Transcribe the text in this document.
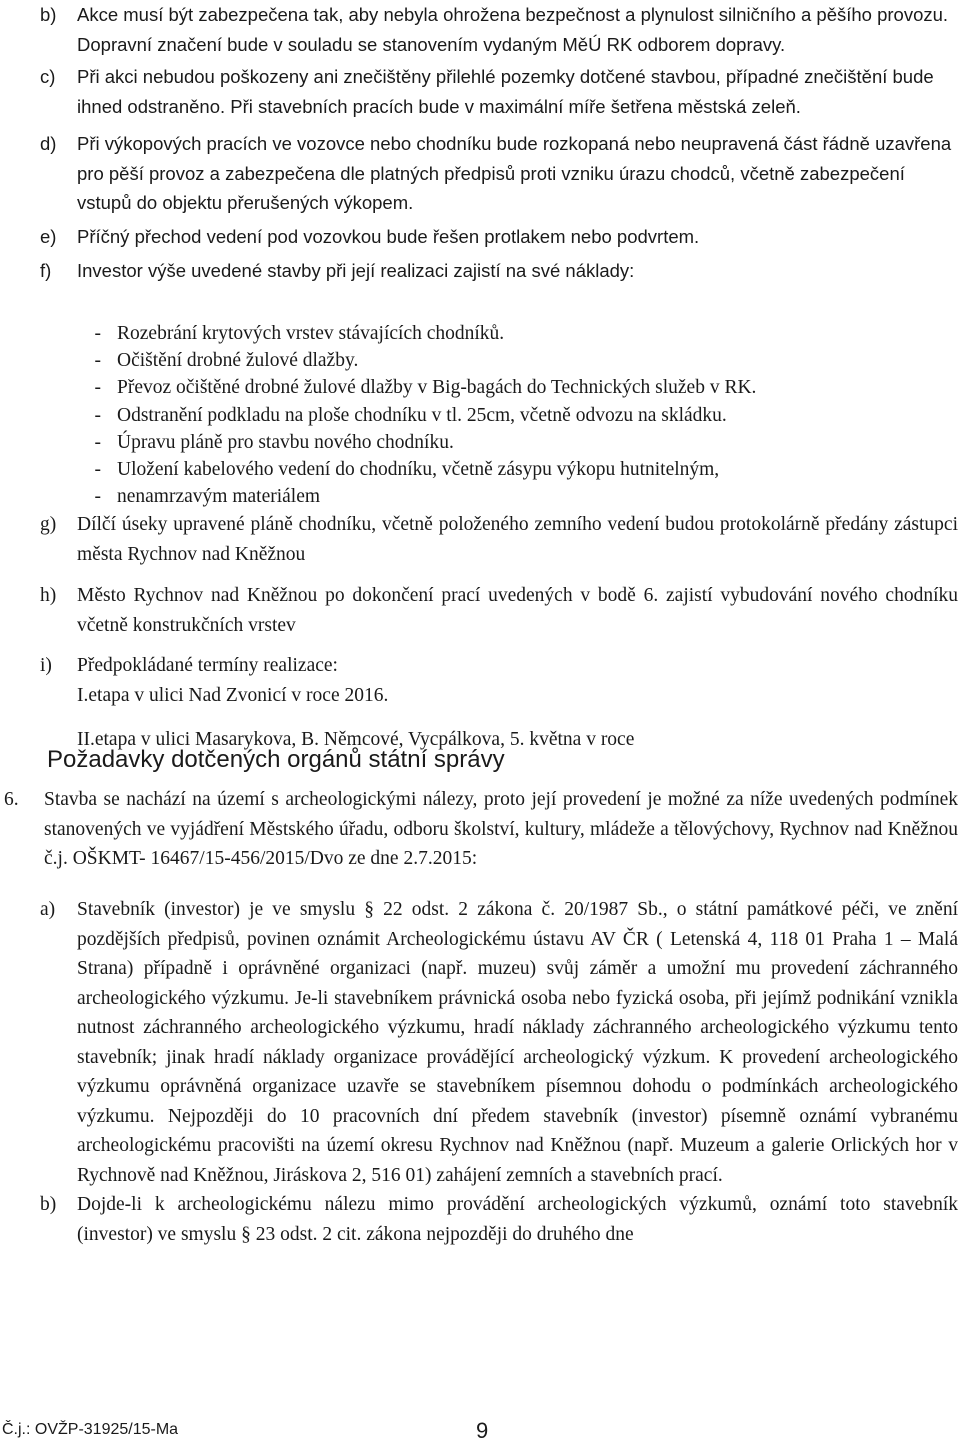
b)	Akce musí být zabezpečena tak, aby nebyla ohrožena bezpečnost a plynulost silničního a pěšího provozu. Dopravní značení bude v souladu se stanovením vydaným MěÚ RK odborem dopravy.
c)	Při akci nebudou poškozeny ani znečištěny přilehlé pozemky dotčené stavbou, případné znečištění bude ihned odstraněno. Při stavebních pracích bude v maximální míře šetřena městská zeleň.
d)	Při výkopových pracích ve vozovce nebo chodníku bude rozkopaná nebo neupravená část řádně uzavřena pro pěší provoz a zabezpečena dle platných předpisů proti vzniku úrazu chodců, včetně zabezpečení vstupů do objektu přerušených výkopem.
e)	Příčný přechod vedení pod vozovkou bude řešen protlakem nebo podvrtem.
f)	Investor výše uvedené stavby při její realizaci zajistí na své náklady:
- Rozebrání krytových vrstev stávajících chodníků.
- Očištění drobné žulové dlažby.
- Převoz očištěné drobné žulové dlažby v Big-bagách do Technických služeb v RK.
- Odstranění podkladu na ploše chodníku v tl. 25cm, včetně odvozu na skládku.
- Úpravu pláně pro stavbu nového chodníku.
- Uložení kabelového vedení do chodníku, včetně zásypu výkopu hutnitelným,
- nenamrzavým materiálem
g)	Dílčí úseky upravené pláně chodníku, včetně položeného zemního vedení budou protokolárně předány zástupci města Rychnov nad Kněžnou
h)	Město Rychnov nad Kněžnou po dokončení prací uvedených v bodě 6. zajistí vybudování nového chodníku včetně konstrukčních vrstev
i)	Předpokládané termíny realizace:
I.etapa v ulici Nad Zvonicí v roce 2016.
II.etapa v ulici Masarykova, B. Němcové, Vycpálkova, 5. května v roce
Požadavky dotčených orgánů státní správy
6.	Stavba se nachází na území s archeologickými nálezy, proto její provedení je možné za níže uvedených podmínek stanovených ve vyjádření Městského úřadu, odboru školství, kultury, mládeže a tělovýchovy, Rychnov nad Kněžnou č.j. OŠKMT- 16467/15-456/2015/Dvo ze dne 2.7.2015:
a)	Stavebník (investor) je ve smyslu § 22 odst. 2 zákona č. 20/1987 Sb., o státní památkové péči, ve znění pozdějších předpisů, povinen oznámit Archeologickému ústavu AV ČR ( Letenská 4, 118 01 Praha 1 – Malá Strana) případně i oprávněné organizaci (např. muzeu) svůj záměr a umožní mu provedení záchranného archeologického výzkumu. Je-li stavebníkem právnická osoba nebo fyzická osoba, při jejímž podnikání vznikla nutnost záchranného archeologického výzkumu, hradí náklady záchranného archeologického výzkumu tento stavebník; jinak hradí náklady organizace provádějící archeologický výzkum. K provedení archeologického výzkumu oprávněná organizace uzavře se stavebníkem písemnou dohodu o podmínkách archeologického výzkumu. Nejpozději do 10 pracovních dní předem stavebník (investor) písemně oznámí vybranému archeologickému pracovišti na území okresu Rychnov nad Kněžnou (např. Muzeum a galerie Orlických hor v Rychnově nad Kněžnou, Jiráskova 2, 516 01) zahájení zemních a stavebních prací.
b)	Dojde-li k archeologickému nálezu mimo provádění archeologických výzkumů, oznámí toto stavebník (investor) ve smyslu § 23 odst. 2 cit. zákona nejpozději do druhého dne
Č.j.: OVŽP-31925/15-Ma	9
